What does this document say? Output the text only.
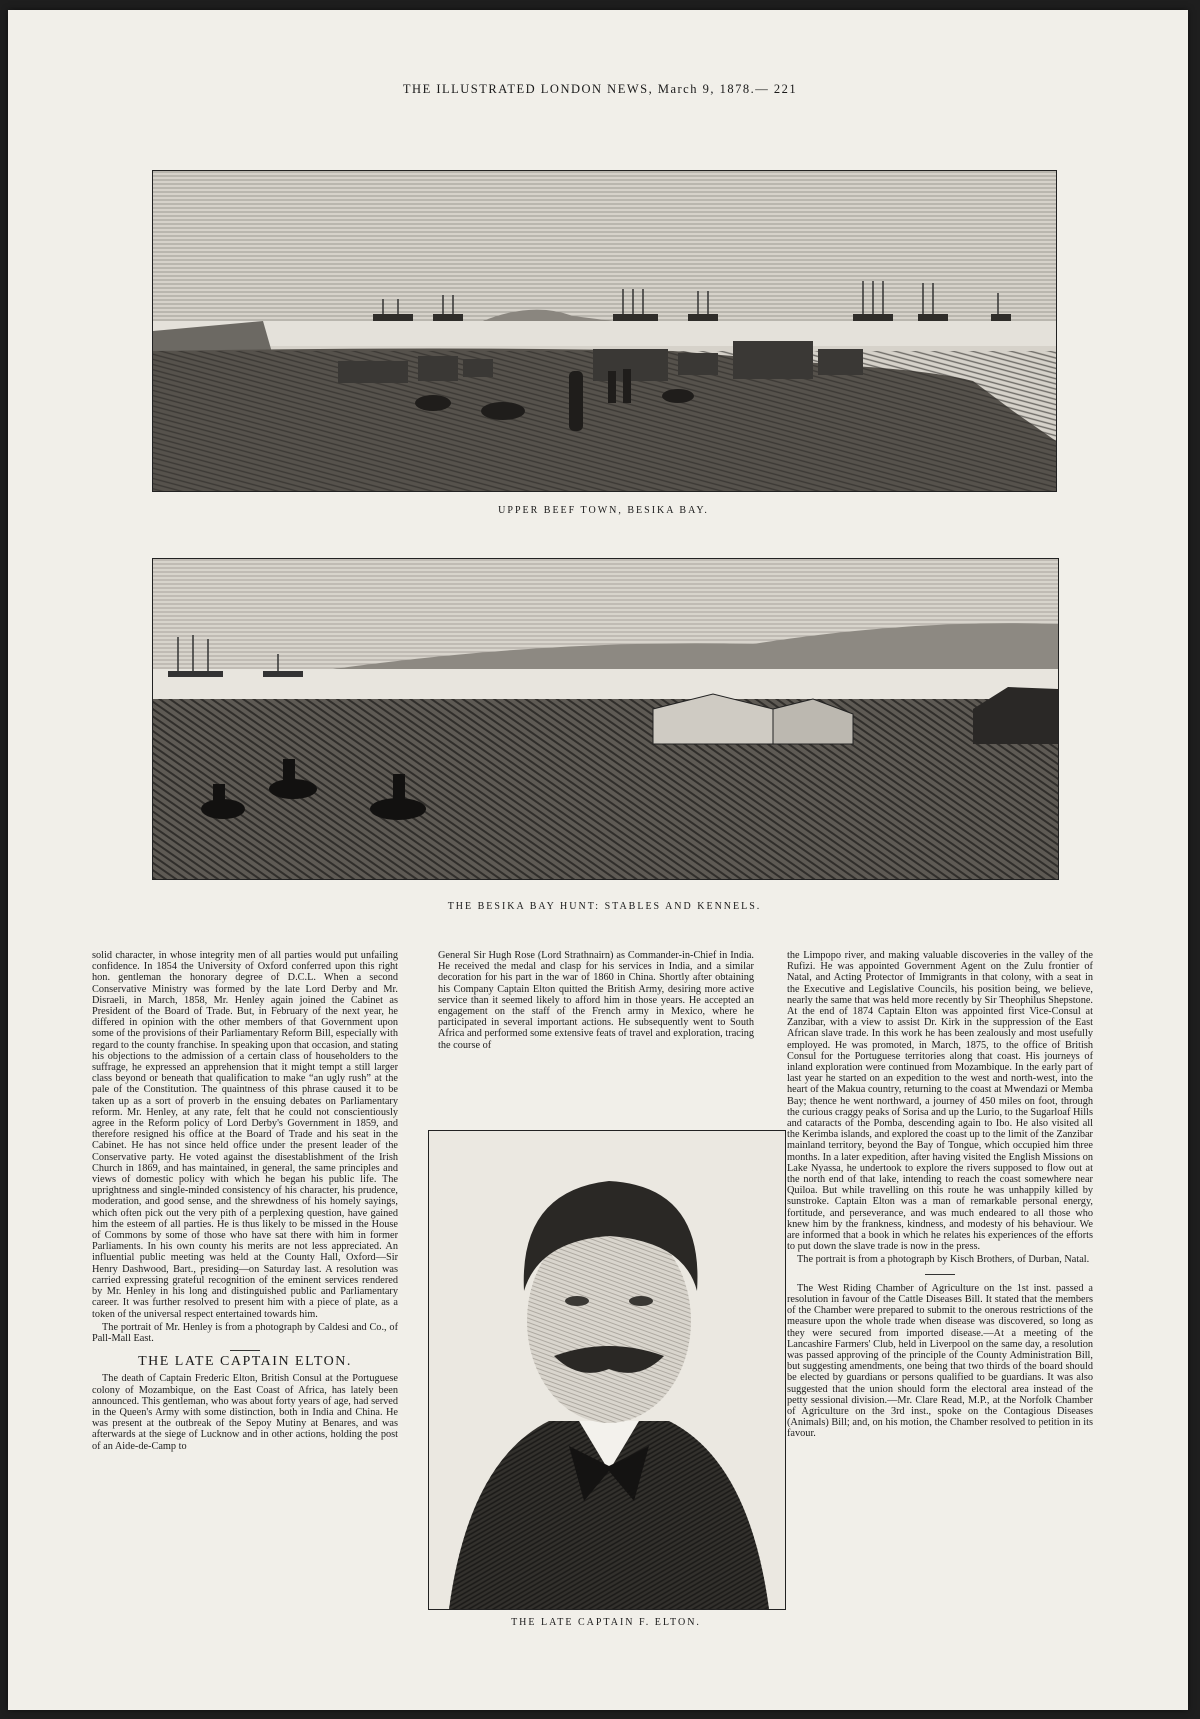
THE ILLUSTRATED LONDON NEWS, March 9, 1878.— 221
UPPER BEEF TOWN, BESIKA BAY.
THE BESIKA BAY HUNT: STABLES AND KENNELS.

solid character, in whose integrity men of all parties would put unfailing confidence. In 1854 the University of Oxford conferred upon this right hon. gentleman the honorary degree of D.C.L. When a second Conservative Ministry was formed by the late Lord Derby and Mr. Disraeli, in March, 1858, Mr. Henley again joined the Cabinet as President of the Board of Trade. But, in February of the next year, he differed in opinion with the other members of that Government upon some of the provisions of their Parliamentary Reform Bill, especially with regard to the county franchise. In speaking upon that occasion, and stating his objections to the admission of a certain class of householders to the suffrage, he expressed an apprehension that it might tempt a still larger class beyond or beneath that qualification to make “an ugly rush” at the pale of the Constitution. The quaintness of this phrase caused it to be taken up as a sort of proverb in the ensuing debates on Parliamentary reform. Mr. Henley, at any rate, felt that he could not conscientiously agree in the Reform policy of Lord Derby's Government in 1859, and therefore resigned his office at the Board of Trade and his seat in the Cabinet. He has not since held office under the present leader of the Conservative party. He voted against the disestablishment of the Irish Church in 1869, and has maintained, in general, the same principles and views of domestic policy with which he began his public life. The uprightness and single-minded consistency of his character, his prudence, moderation, and good sense, and the shrewdness of his homely sayings, which often pick out the very pith of a perplexing question, have gained him the esteem of all parties. He is thus likely to be missed in the House of Commons by some of those who have sat there with him in former Parliaments. In his own county his merits are not less appreciated. An influential public meeting was held at the County Hall, Oxford—Sir Henry Dashwood, Bart., presiding—on Saturday last. A resolution was carried expressing grateful recognition of the eminent services rendered by Mr. Henley in his long and distinguished public and Parliamentary career. It was further resolved to present him with a piece of plate, as a token of the universal respect entertained towards him.

The portrait of Mr. Henley is from a photograph by Caldesi and Co., of Pall-Mall East.

THE LATE CAPTAIN ELTON.

The death of Captain Frederic Elton, British Consul at the Portuguese colony of Mozambique, on the East Coast of Africa, has lately been announced. This gentleman, who was about forty years of age, had served in the Queen's Army with some distinction, both in India and China. He was present at the outbreak of the Sepoy Mutiny at Benares, and was afterwards at the siege of Lucknow and in other actions, holding the post of an Aide-de-Camp to

General Sir Hugh Rose (Lord Strathnairn) as Commander-in-Chief in India. He received the medal and clasp for his services in India, and a similar decoration for his part in the war of 1860 in China. Shortly after obtaining his Company Captain Elton quitted the British Army, desiring more active service than it seemed likely to afford him in those years. He accepted an engagement on the staff of the French army in Mexico, where he participated in several important actions. He subsequently went to South Africa and performed some extensive feats of travel and exploration, tracing the course of

THE LATE CAPTAIN F. ELTON.

the Limpopo river, and making valuable discoveries in the valley of the Rufizi. He was appointed Government Agent on the Zulu frontier of Natal, and Acting Protector of Immigrants in that colony, with a seat in the Executive and Legislative Councils, his position being, we believe, nearly the same that was held more recently by Sir Theophilus Shepstone. At the end of 1874 Captain Elton was appointed first Vice-Consul at Zanzibar, with a view to assist Dr. Kirk in the suppression of the East African slave trade. In this work he has been zealously and most usefully employed. He was promoted, in March, 1875, to the office of British Consul for the Portuguese territories along that coast. His journeys of inland exploration were continued from Mozambique. In the early part of last year he started on an expedition to the west and north-west, into the heart of the Makua country, returning to the coast at Mwendazi or Memba Bay; thence he went northward, a journey of 450 miles on foot, through the curious craggy peaks of Sorisa and up the Lurio, to the Sugarloaf Hills and cataracts of the Pomba, descending again to Ibo. He also visited all the Kerimba islands, and explored the coast up to the limit of the Zanzibar mainland territory, beyond the Bay of Tongue, which occupied him three months. In a later expedition, after having visited the English Missions on Lake Nyassa, he undertook to explore the rivers supposed to flow out at the north end of that lake, intending to reach the coast somewhere near Quiloa. But while travelling on this route he was unhappily killed by sunstroke. Captain Elton was a man of remarkable personal energy, fortitude, and perseverance, and was much endeared to all those who knew him by the frankness, kindness, and modesty of his behaviour. We are informed that a book in which he relates his experiences of the efforts to put down the slave trade is now in the press.

The portrait is from a photograph by Kisch Brothers, of Durban, Natal.

The West Riding Chamber of Agriculture on the 1st inst. passed a resolution in favour of the Cattle Diseases Bill. It stated that the members of the Chamber were prepared to submit to the onerous restrictions of the measure upon the whole trade when disease was discovered, so long as they were secured from imported disease.—At a meeting of the Lancashire Farmers' Club, held in Liverpool on the same day, a resolution was passed approving of the principle of the County Administration Bill, but suggesting amendments, one being that two thirds of the board should be elected by guardians or persons qualified to be guardians. It was also suggested that the union should form the electoral area instead of the petty sessional division.—Mr. Clare Read, M.P., at the Norfolk Chamber of Agriculture on the 3rd inst., spoke on the Contagious Diseases (Animals) Bill; and, on his motion, the Chamber resolved to petition in its favour.
